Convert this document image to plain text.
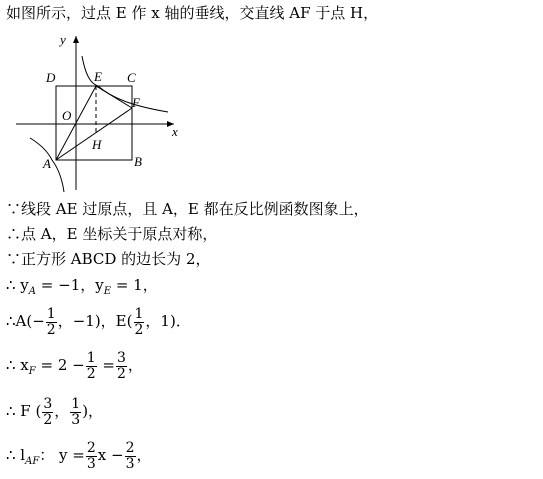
如图所示，过点 E 作 x 轴的垂线，交直线 AF 于点 H，
y
x
D	E C
O
F
H
A	B
∵线段 AE 过原点，且 A，E 都在反比例函数图象上，
∴点 A，E 坐标关于原点对称，
∵正方形 ABCD 的边长为 2，
∴ $y_A = -1$，$y_E = 1$，
∴A(− $\frac{1}{2}$ ，−1)，$E( \frac{1}{2}$ ，1)．
∴ $x_F = 2 - \frac{1}{2} = \frac{3}{2}$ ，
∴ F ( $\frac{3}{2}$ ， $\frac{1}{3}$ )，
∴ $l_{AF}$： $y = \frac{2}{3}$ $x - \frac{2}{3}$ ，
